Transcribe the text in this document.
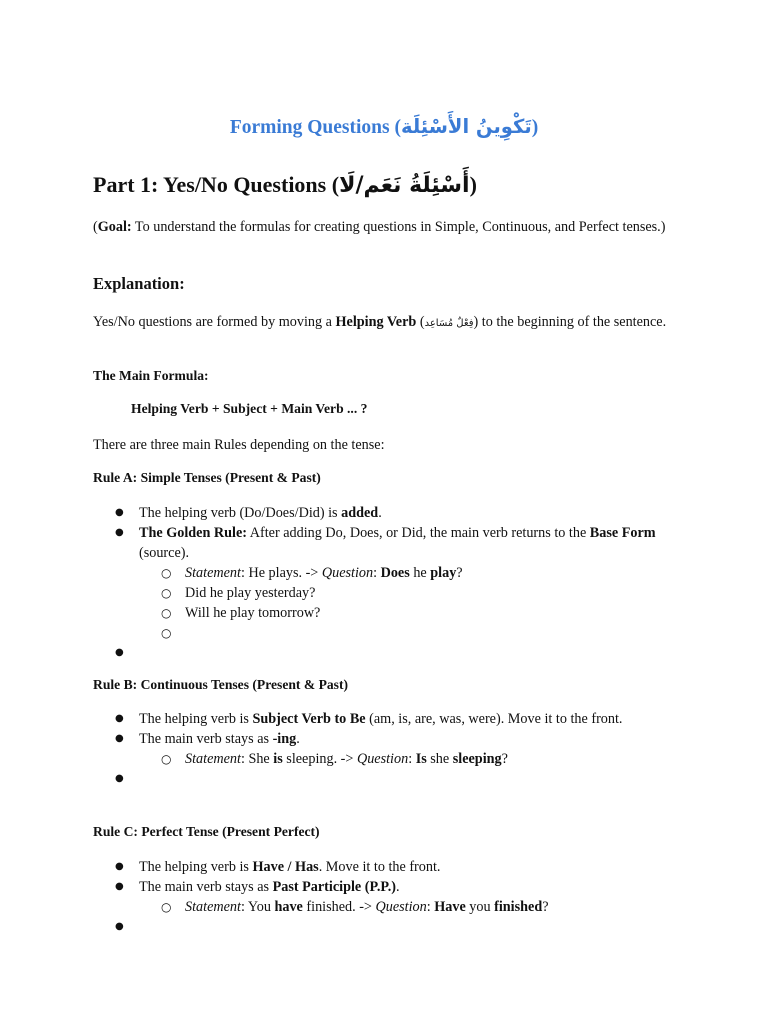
Forming Questions (تَكْوِينُ الأَسْئِلَة)
Part 1: Yes/No Questions (أَسْئِلَةُ نَعَم/لَا)

(Goal: To understand the formulas for creating questions in Simple, Continuous, and Perfect tenses.)

Explanation:

Yes/No questions are formed by moving a Helping Verb (فِعْلٌ مُسَاعِد) to the beginning of the sentence.

The Main Formula:

Helping Verb + Subject + Main Verb ... ?

There are three main Rules depending on the tense:

Rule A: Simple Tenses (Present & Past)

● The helping verb (Do/Does/Did) is added.
● The Golden Rule: After adding Do, Does, or Did, the main verb returns to the Base Form (source).
○ Statement: He plays. -> Question: Does he play?
○ Did he play yesterday?
○ Will he play tomorrow?
○
●

Rule B: Continuous Tenses (Present & Past)

● The helping verb is Subject Verb to Be (am, is, are, was, were). Move it to the front.
● The main verb stays as -ing.
○ Statement: She is sleeping. -> Question: Is she sleeping?
●

Rule C: Perfect Tense (Present Perfect)

● The helping verb is Have / Has. Move it to the front.
● The main verb stays as Past Participle (P.P.).
○ Statement: You have finished. -> Question: Have you finished?
●
